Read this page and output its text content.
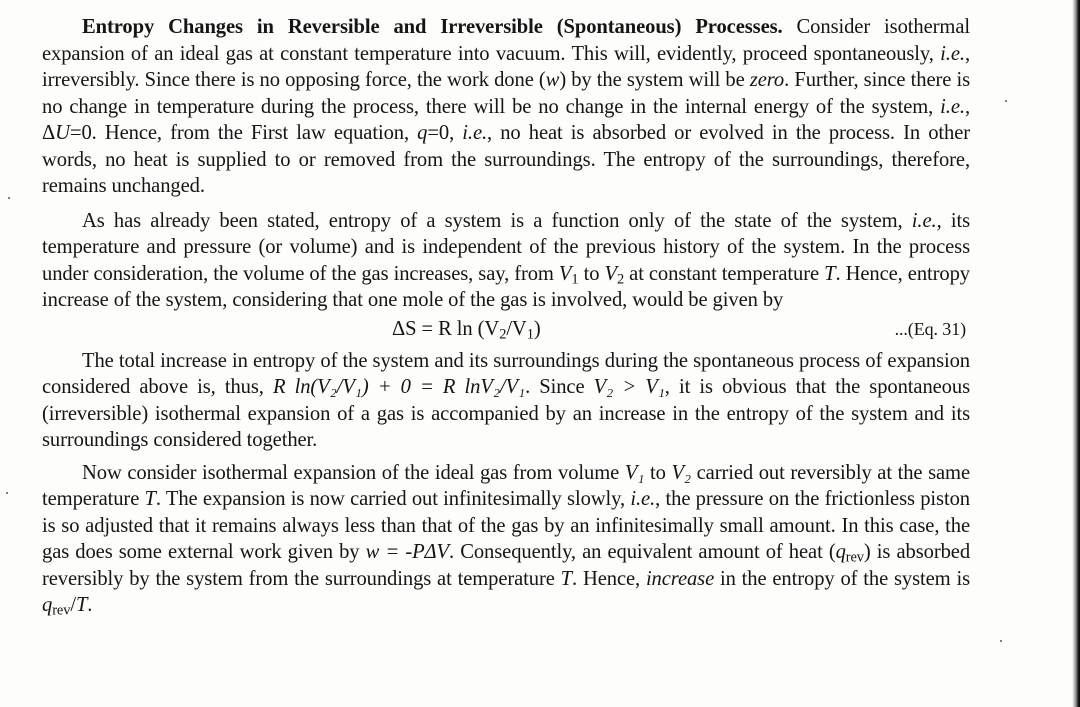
Entropy Changes in Reversible and Irreversible (Spontaneous) Processes. Consider isothermal expansion of an ideal gas at constant temperature into vacuum. This will, evidently, proceed spontaneously, i.e., irreversibly. Since there is no opposing force, the work done (w) by the system will be zero. Further, since there is no change in temperature during the process, there will be no change in the internal energy of the system, i.e., ΔU=0. Hence, from the First law equation, q=0, i.e., no heat is absorbed or evolved in the process. In other words, no heat is supplied to or removed from the surroundings. The entropy of the surroundings, therefore, remains unchanged.

As has already been stated, entropy of a system is a function only of the state of the system, i.e., its temperature and pressure (or volume) and is independent of the previous history of the system. In the process under consideration, the volume of the gas increases, say, from $V_1$ to $V_2$ at constant temperature T. Hence, entropy increase of the system, considering that one mole of the gas is involved, would be given by

ΔS = R $\ln (V_2/V_1)$	...(Eq. 31)

The total increase in entropy of the system and its surroundings during the spontaneous process of expansion considered above is, thus, R ln(V₂/V₁) + 0 = R lnV₂/V₁. Since V₂ > V₁, it is obvious that the spontaneous (irreversible) isothermal expansion of a gas is accompanied by an increase in the entropy of the system and its surroundings considered together.

Now consider isothermal expansion of the ideal gas from volume V₁ to V₂ carried out reversibly at the same temperature T. The expansion is now carried out infinitesimally slowly, i.e., the pressure on the frictionless piston is so adjusted that it remains always less than that of the gas by an infinitesimally small amount. In this case, the gas does some external work given by w = -PΔV. Consequently, an equivalent amount of heat $(q_{rev})$ is absorbed reversibly by the system from the surroundings at temperature T. Hence, increase in the entropy of the system is $q_{rev}/T$.
